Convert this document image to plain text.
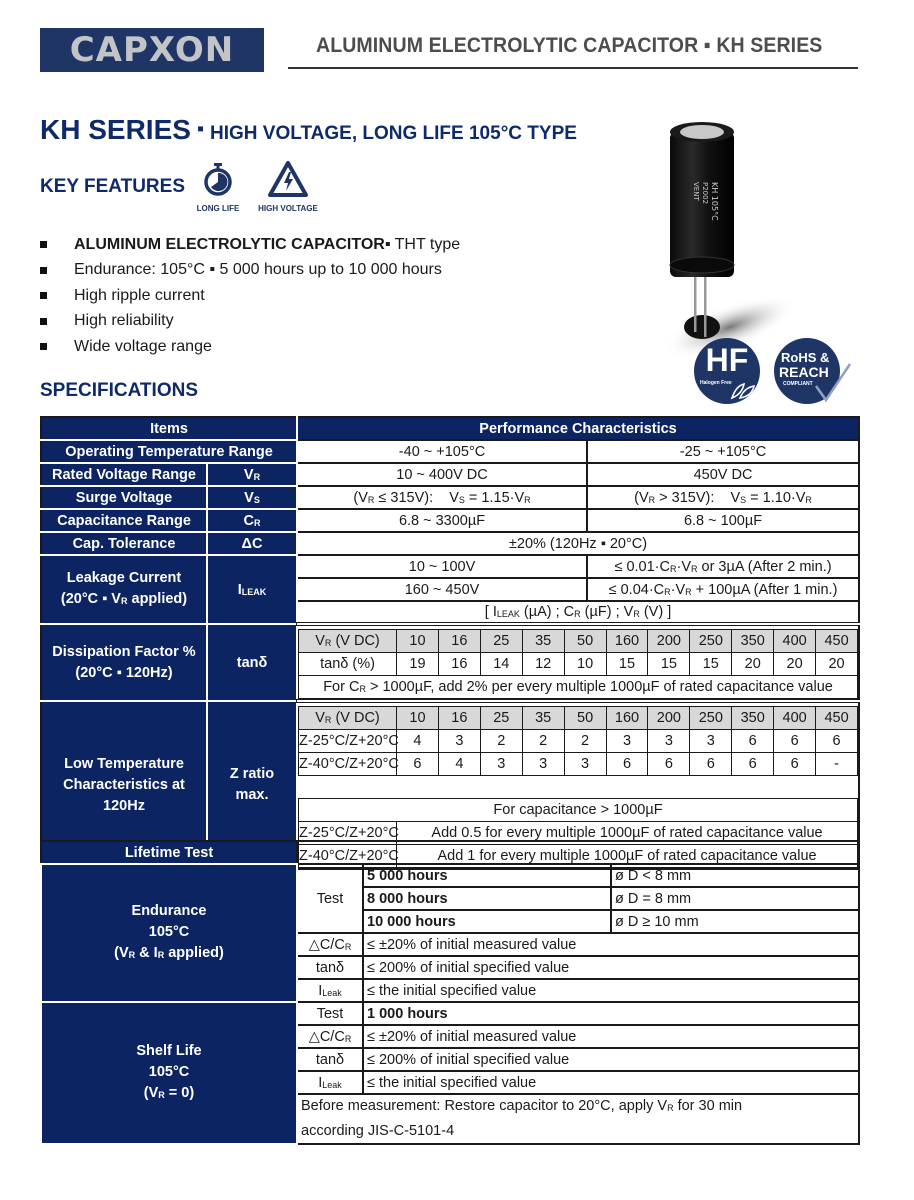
CAPXON	ALUMINUM ELECTROLYTIC CAPACITOR ▪ KH SERIES
KH SERIES ▪ HIGH VOLTAGE, LONG LIFE 105°C TYPE
KEY FEATURES
LONG LIFE	HIGH VOLTAGE
ALUMINUM ELECTROLYTIC CAPACITOR ▪ THT type
Endurance: 105°C ▪ 5 000 hours up to 10 000 hours
High ripple current
High reliability
Wide voltage range
KH 105°C
P2002
VENT
HF
Halogen Free
RoHS &
REACH
COMPLIANT
SPECIFICATIONS
Items	Performance Characteristics
Operating Temperature Range	-40 ~ +105°C	-25 ~ +105°C
Rated Voltage Range	$V_R$	10 ~ 400V DC	450V DC
Surge Voltage	$V_S$	$(V_R \le 315V)$:    $V_S = 1.15\cdot V_R$	$(V_R > 315V)$:    $V_S = 1.10\cdot V_R$
Capacitance Range	$C_R$	6.8 ~ 3300µF	6.8 ~ 100µF
Cap. Tolerance	ΔC	±20% (120Hz ▪ 20°C)

Leakage Current
(20°C ▪ $V_R$ applied)
	$I_{LEAK}$	10 ~ 100V	≤ $0.01\cdot C_R\cdot V_R$ or 3µA (After 2 min.)
160 ~ 450V	≤ $0.04\cdot C_R\cdot V_R + 100\mu A$ (After 1 min.)
[ $I_{LEAK}$ (µA) ; $C_R$ (µF) ; $V_R$ (V) ]

Dissipation Factor %
(20°C ▪ 120Hz)
	tanδ	
$V_R$ (V DC)	10	16	25	35	50	160	200	250	350	400	450
tanδ (%)	19	16	14	12	10	15	15	15	20	20	20
For $C_R > 1000\mu F$, add 2% per every multiple 1000µF of rated capacitance value

Low Temperature
Characteristics at
120Hz

Z ratio
max.

$V_R$ (V DC)	10	16	25	35	50	160	200	250	350	400	450
Z-25°C/Z+20°C	4	3	2	2	2	3	3	3	6	6	6
Z-40°C/Z+20°C	6	4	3	3	3	6	6	6	6	6	-

For capacitance > 1000µF
Z-25°C/Z+20°C	Add 0.5 for every multiple 1000µF of rated capacitance value
Z-40°C/Z+20°C	Add 1 for every multiple 1000µF of rated capacitance value
Lifetime Test			

Endurance
105°C
($V_R$ & $I_R$ applied)	Test	5 000 hours	ø D < 8 mm
		8 000 hours	ø D = 8 mm
		10 000 hours	ø D ≥ 10 mm
	$\triangle C/C_R$	≤ ±20% of initial measured value	
	tanδ	≤ 200% of initial specified value	
	$I_{Leak}$	≤ the initial specified value	

Shelf Life
105°C
$(V_R = 0)$	Test	1 000 hours	
	$\triangle C/C_R$	≤ ±20% of initial measured value	
	tanδ	≤ 200% of initial specified value	
	$I_{Leak}$	≤ the initial specified value	

	Before measurement: Restore capacitor to 20°C, apply $V_R$ for 30 min
according JIS-C-5101-4		
